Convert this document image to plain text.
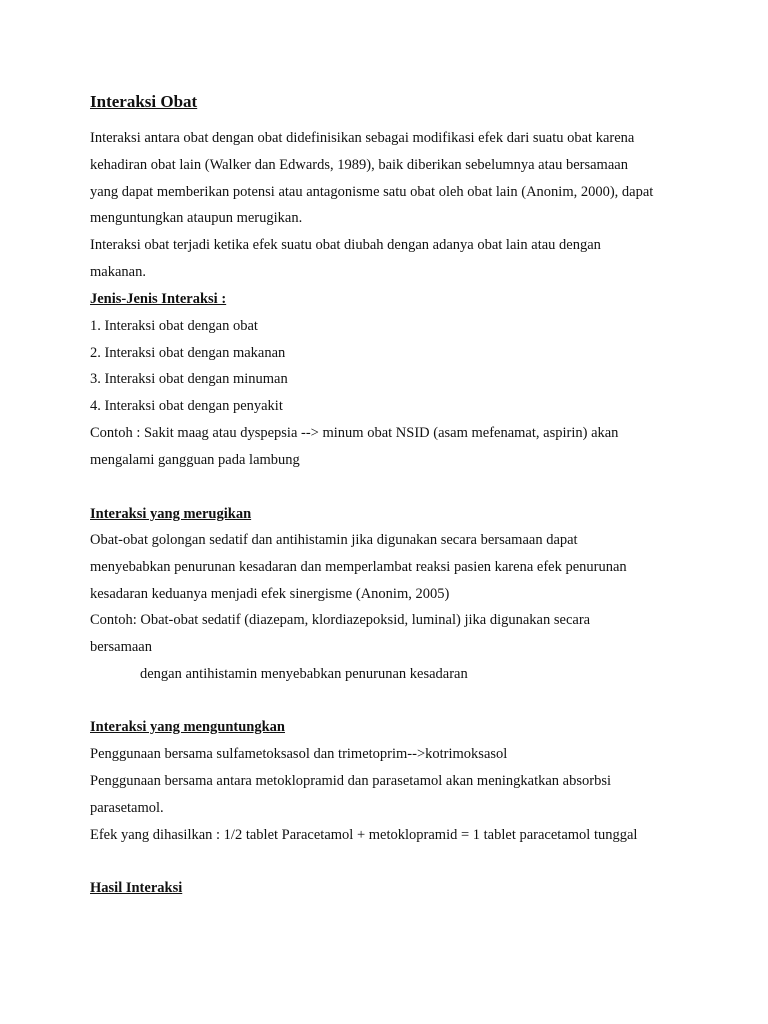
Interaksi Obat

Interaksi antara obat dengan obat didefinisikan sebagai modifikasi efek dari suatu obat karena

kehadiran obat lain (Walker dan Edwards, 1989), baik diberikan sebelumnya atau bersamaan

yang dapat memberikan potensi atau antagonisme satu obat oleh obat lain (Anonim, 2000), dapat

menguntungkan ataupun merugikan.

Interaksi obat terjadi ketika efek suatu obat diubah dengan adanya obat lain atau dengan

makanan.

Jenis-Jenis Interaksi :

1. Interaksi obat dengan obat

2. Interaksi obat dengan makanan

3. Interaksi obat dengan minuman

4. Interaksi obat dengan penyakit

Contoh : Sakit maag atau dyspepsia --> minum obat NSID (asam mefenamat, aspirin) akan

mengalami gangguan pada lambung

Interaksi yang merugikan

Obat-obat golongan sedatif dan antihistamin jika digunakan secara bersamaan dapat

menyebabkan penurunan kesadaran dan memperlambat reaksi pasien karena efek penurunan

kesadaran keduanya menjadi efek sinergisme (Anonim, 2005)

Contoh: Obat-obat sedatif (diazepam, klordiazepoksid, luminal) jika digunakan secara

bersamaan

dengan antihistamin menyebabkan penurunan kesadaran

Interaksi yang menguntungkan

Penggunaan bersama sulfametoksasol dan trimetoprim-->kotrimoksasol

Penggunaan bersama antara metoklopramid dan parasetamol akan meningkatkan absorbsi

parasetamol.

Efek yang dihasilkan : 1/2 tablet Paracetamol + metoklopramid = 1 tablet paracetamol tunggal

Hasil Interaksi
